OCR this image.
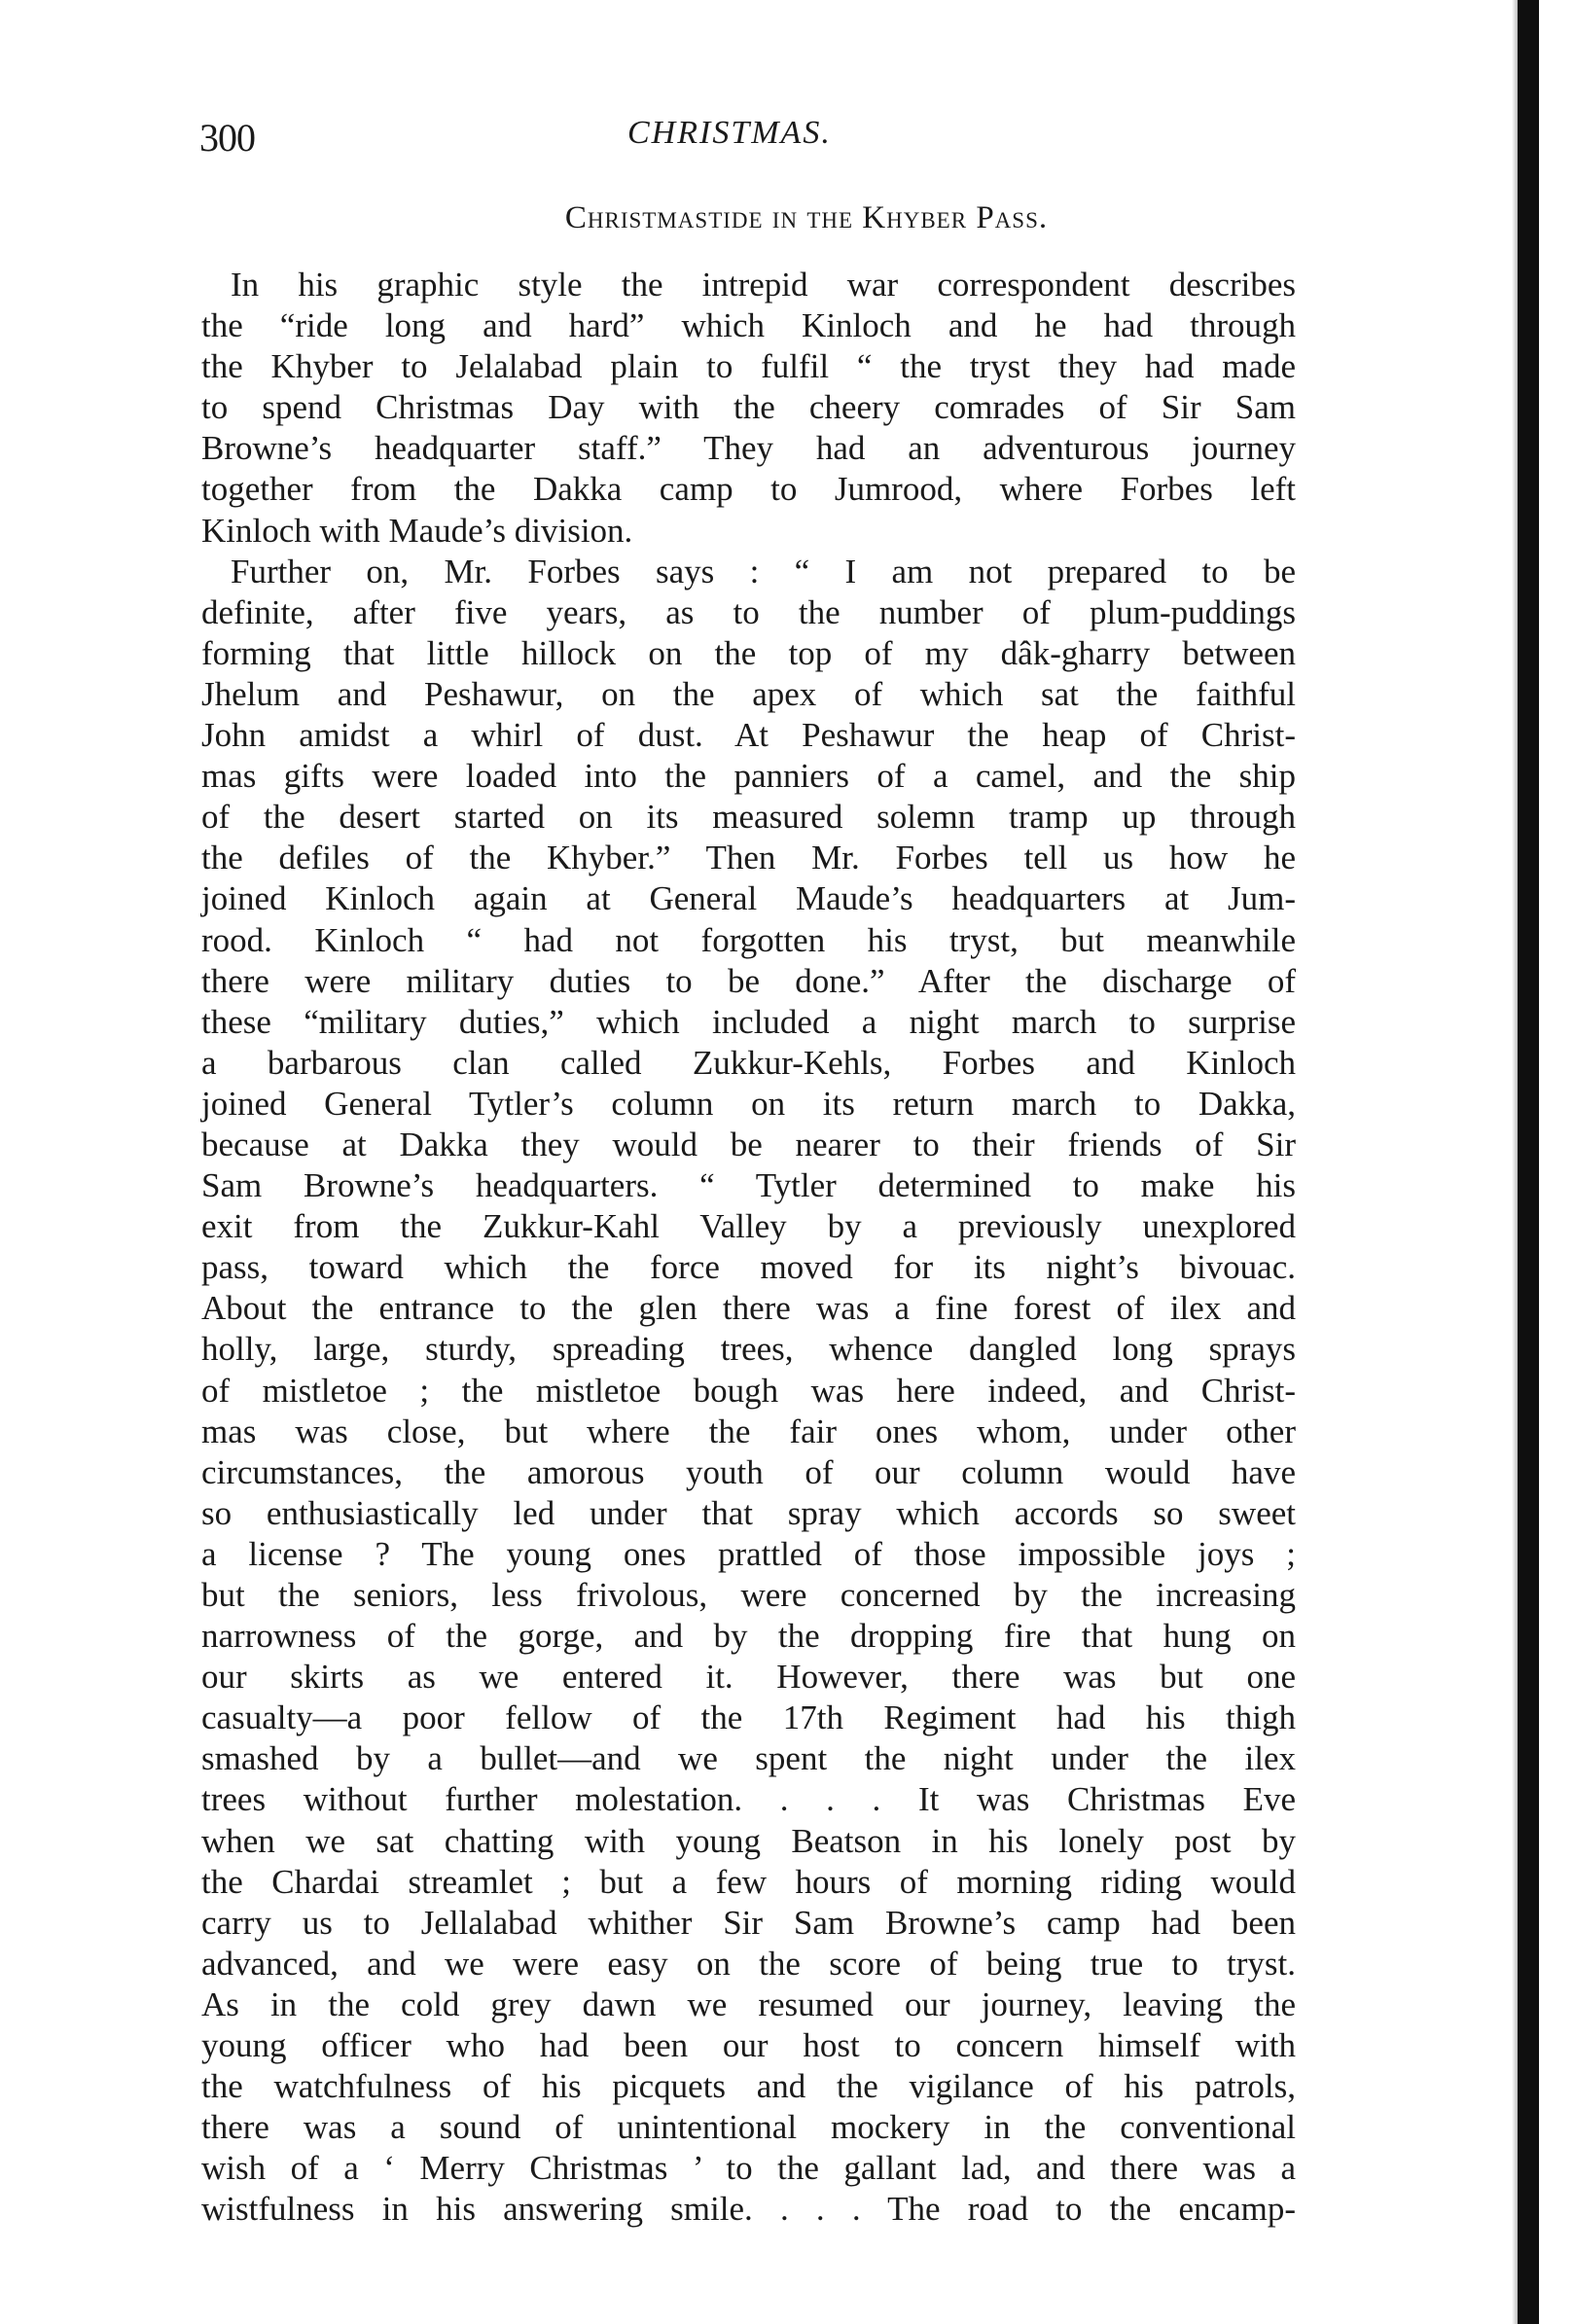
300	CHRISTMAS.
Christmastide in the Khyber Pass.
In his graphic style the intrepid war correspondent describes
the “ride long and hard” which Kinloch and he had through
the Khyber to Jelalabad plain to fulfil “ the tryst they had made
to spend Christmas Day with the cheery comrades of Sir Sam
Browne’s headquarter staff.” They had an adventurous journey
together from the Dakka camp to Jumrood, where Forbes left
Kinloch with Maude’s division.
Further on, Mr. Forbes says : “ I am not prepared to be
definite, after five years, as to the number of plum-puddings
forming that little hillock on the top of my dâk-gharry between
Jhelum and Peshawur, on the apex of which sat the faithful
John amidst a whirl of dust. At Peshawur the heap of Christ-
mas gifts were loaded into the panniers of a camel, and the ship
of the desert started on its measured solemn tramp up through
the defiles of the Khyber.” Then Mr. Forbes tell us how he
joined Kinloch again at General Maude’s headquarters at Jum-
rood. Kinloch “ had not forgotten his tryst, but meanwhile
there were military duties to be done.” After the discharge of
these “military duties,” which included a night march to surprise
a barbarous clan called Zukkur-Kehls, Forbes and Kinloch
joined General Tytler’s column on its return march to Dakka,
because at Dakka they would be nearer to their friends of Sir
Sam Browne’s headquarters. “ Tytler determined to make his
exit from the Zukkur-Kahl Valley by a previously unexplored
pass, toward which the force moved for its night’s bivouac.
About the entrance to the glen there was a fine forest of ilex and
holly, large, sturdy, spreading trees, whence dangled long sprays
of mistletoe ; the mistletoe bough was here indeed, and Christ-
mas was close, but where the fair ones whom, under other
circumstances, the amorous youth of our column would have
so enthusiastically led under that spray which accords so sweet
a license ? The young ones prattled of those impossible joys ;
but the seniors, less frivolous, were concerned by the increasing
narrowness of the gorge, and by the dropping fire that hung on
our skirts as we entered it. However, there was but one
casualty—a poor fellow of the 17th Regiment had his thigh
smashed by a bullet—and we spent the night under the ilex
trees without further molestation. . . . It was Christmas Eve
when we sat chatting with young Beatson in his lonely post by
the Chardai streamlet ; but a few hours of morning riding would
carry us to Jellalabad whither Sir Sam Browne’s camp had been
advanced, and we were easy on the score of being true to tryst.
As in the cold grey dawn we resumed our journey, leaving the
young officer who had been our host to concern himself with
the watchfulness of his picquets and the vigilance of his patrols,
there was a sound of unintentional mockery in the conventional
wish of a ‘ Merry Christmas ’ to the gallant lad, and there was a
wistfulness in his answering smile. . . . The road to the encamp-
